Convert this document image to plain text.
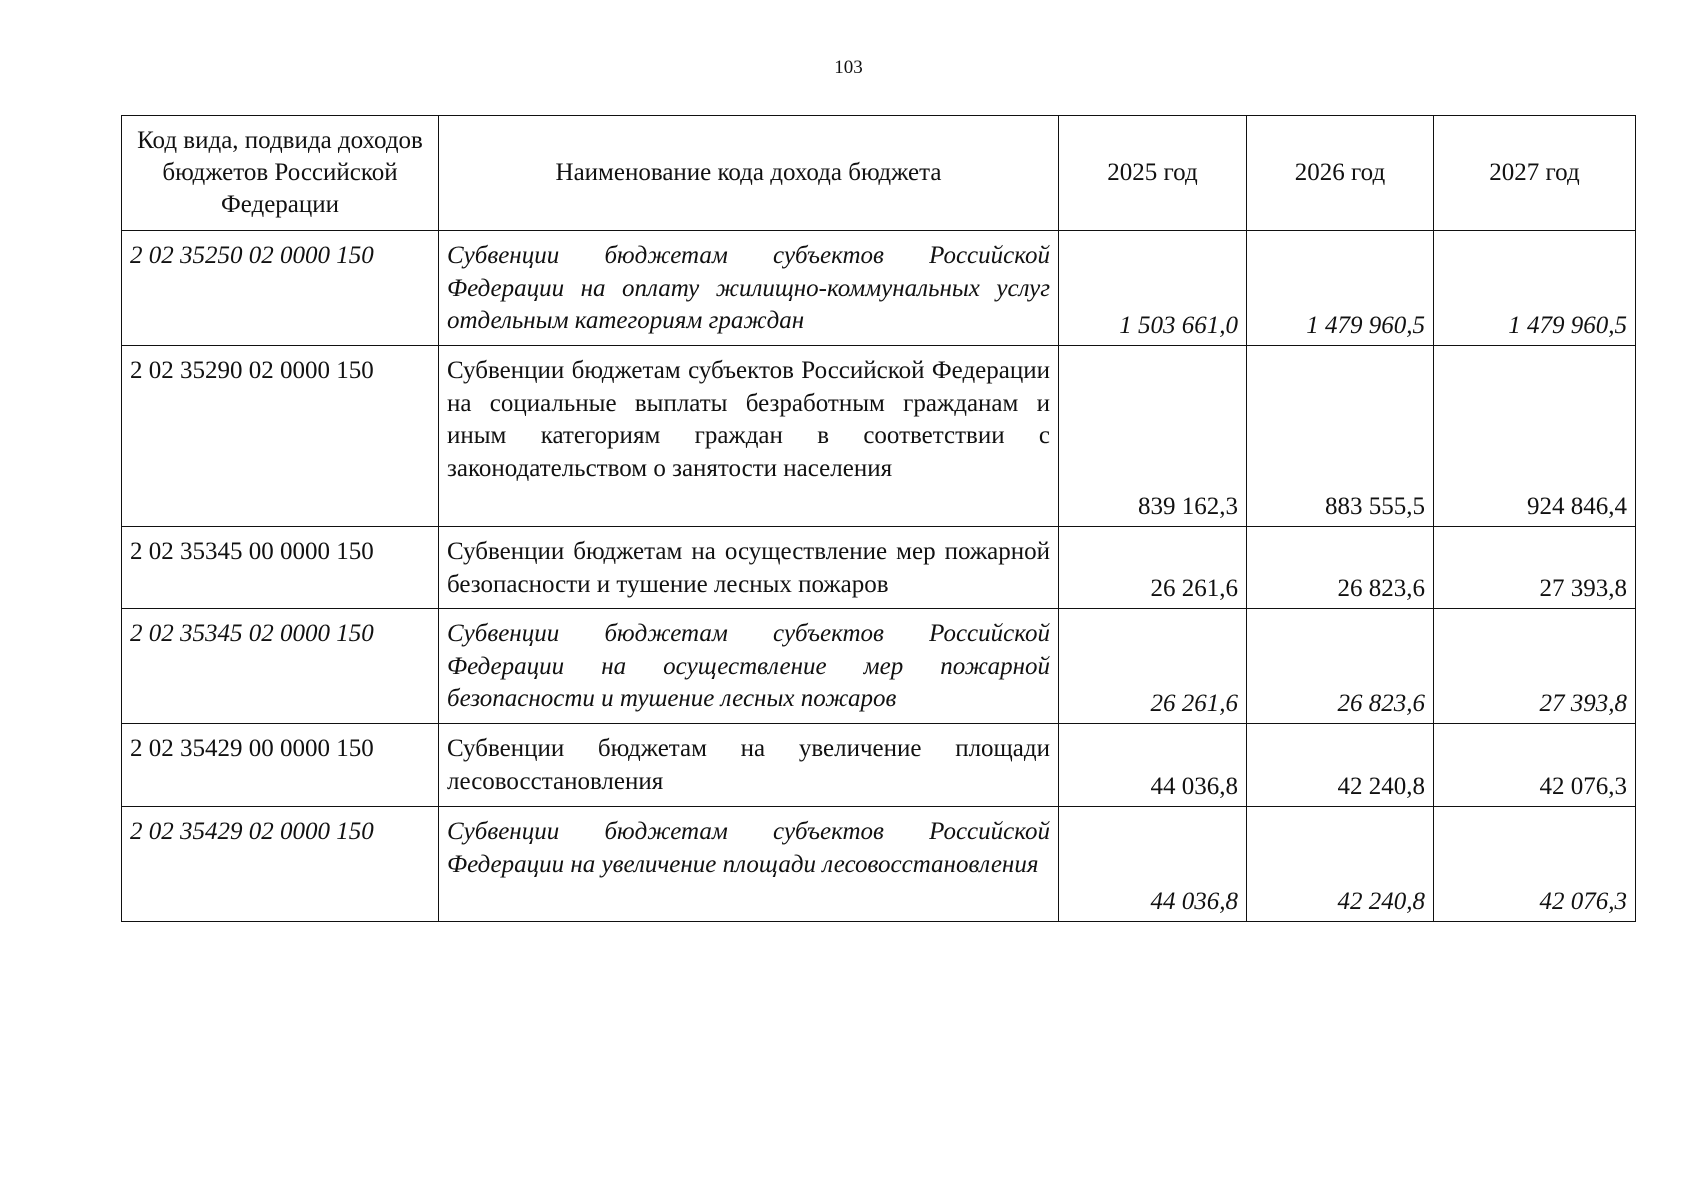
103
Код вида, подвида доходов бюджетов Российской Федерации	Наименование кода дохода бюджета	2025 год	2026 год	2027 год
2 02 35250 02 0000 150	Субвенции бюджетам субъектов Российской Федерации на оплату жилищно-коммунальных услуг отдельным категориям граждан	1 503 661,0	1 479 960,5	1 479 960,5
2 02 35290 02 0000 150	Субвенции бюджетам субъектов Российской Федерации на социальные выплаты безработным гражданам и иным категориям граждан в соответствии с законодательством о занятости населения	839 162,3	883 555,5	924 846,4
2 02 35345 00 0000 150	Субвенции бюджетам на осуществление мер пожарной безопасности и тушение лесных пожаров	26 261,6	26 823,6	27 393,8
2 02 35345 02 0000 150	Субвенции бюджетам субъектов Российской Федерации на осуществление мер пожарной безопасности и тушение лесных пожаров	26 261,6	26 823,6	27 393,8
2 02 35429 00 0000 150	Субвенции бюджетам на увеличение площади лесовосстановления	44 036,8	42 240,8	42 076,3
2 02 35429 02 0000 150	Субвенции бюджетам субъектов Российской Федерации на увеличение площади лесовосстановления	44 036,8	42 240,8	42 076,3
